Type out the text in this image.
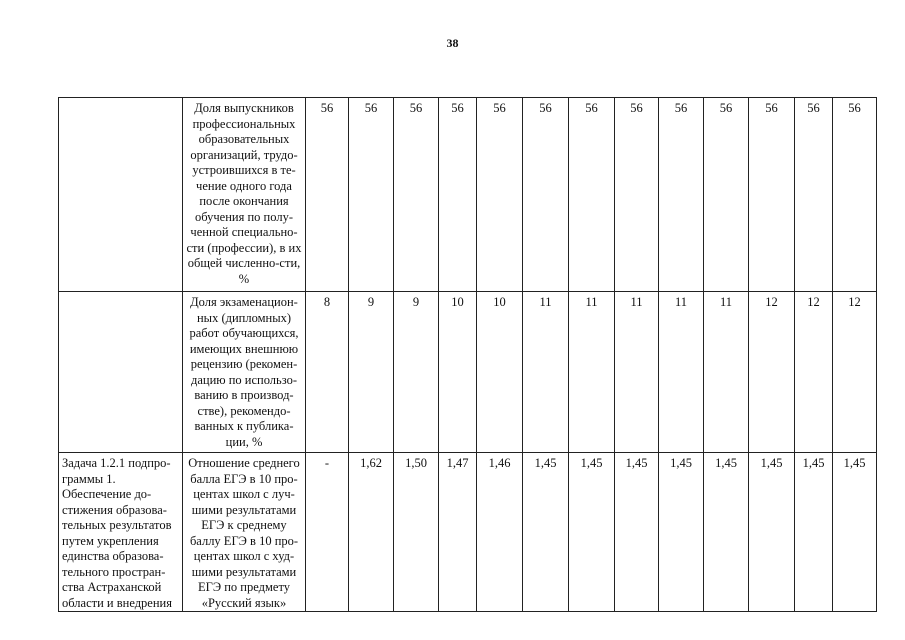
38

	Доля выпускников профессиональных образовательных организаций, трудо-устроившихся в те-чение одного года после окончания обучения по полу-ченной специально-сти (профессии), в их общей численно-сти, %	56	56	56	56	56	56	56	56	56	56	56	56	56

	Доля экзаменацион-ных (дипломных) работ обучающихся, имеющих внешнюю рецензию (рекомен-дацию по использо-ванию в производ-стве), рекомендо-ванных к публика-ции, %	8	9	9	10	10	11	11	11	11	11	12	12	12
Задача 1.2.1 подпро-граммы 1. Обеспечение до-стижения образова-тельных результатов путем укрепления единства образова-тельного простран-ства Астраханской области и внедрения	Отношение среднего балла ЕГЭ в 10 про-центах школ с луч-шими результатами ЕГЭ к среднему баллу ЕГЭ в 10 про-центах школ с худ-шими результатами ЕГЭ по предмету «Русский язык»	-	1,62	1,50	1,47	1,46	1,45	1,45	1,45	1,45	1,45	1,45	1,45	1,45
